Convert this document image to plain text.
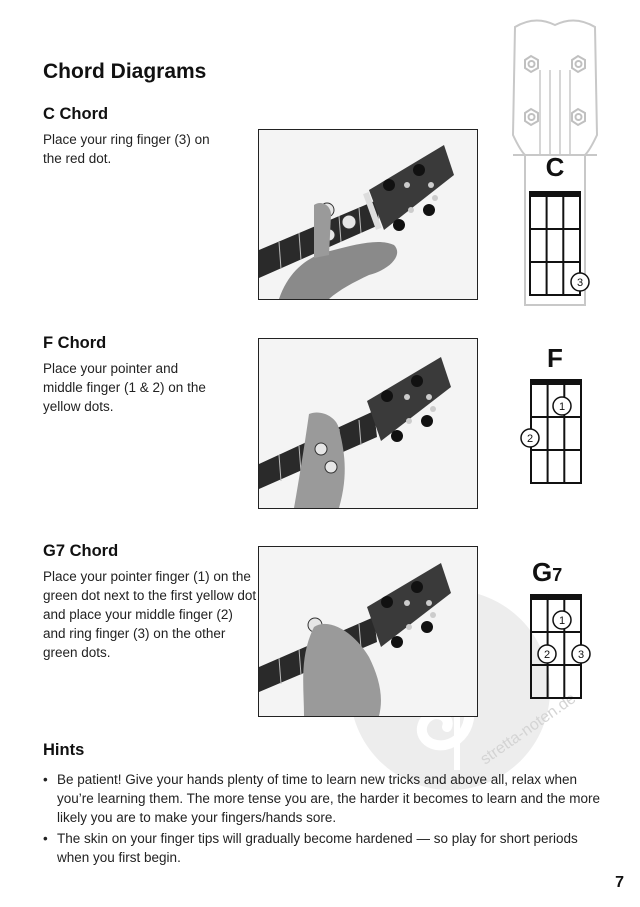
Chord Diagrams
stretta-noten.de
C Chord
Place your ring finger (3) on the red dot.	C
3
F Chord
Place your pointer and middle finger (1 & 2) on the yellow dots.
F
1
2
G7 Chord
Place your pointer finger (1) on the green dot next to the first yellow dot and place your middle finger (2) and ring finger (3) on the other green dots.
G7
1
2	3
Hints
• Be patient! Give your hands plenty of time to learn new tricks and above all, relax when you’re learning them. The more tense you are, the harder it becomes to learn and the more likely you are to make your fingers/hands sore.
• The skin on your finger tips will gradually become hardened — so play for short periods when you first begin.
7
